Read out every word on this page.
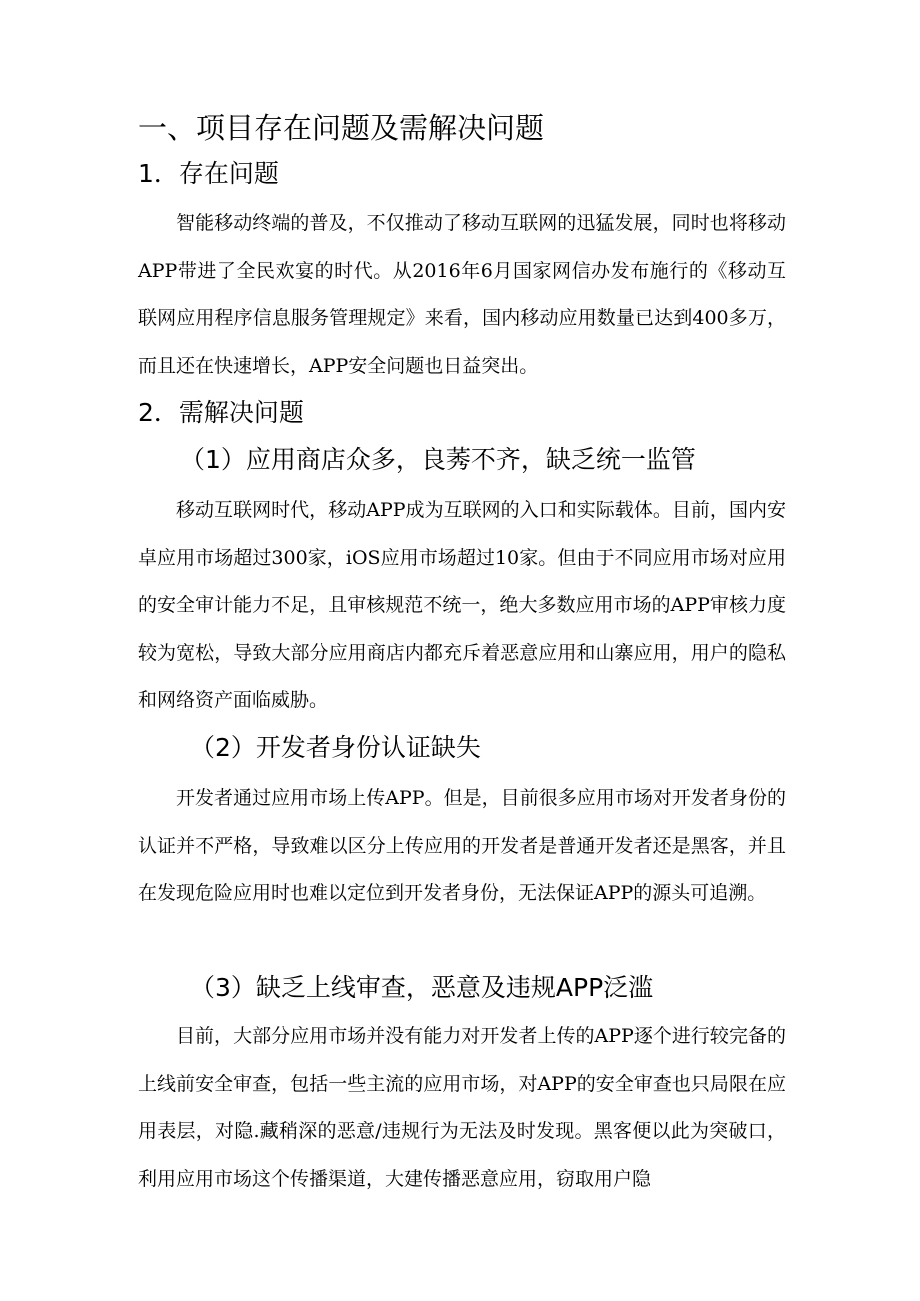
一、项目存在问题及需解决问题
1．存在问题

智能移动终端的普及，不仅推动了移动互联网的迅猛发展，同时也将移动APP带进了全民欢宴的时代。从2016年6月国家网信办发布施行的《移动互联网应用程序信息服务管理规定》来看，国内移动应用数量已达到400多万，而且还在快速增长，APP安全问题也日益突出。

2．需解决问题
（1）应用商店众多，良莠不齐，缺乏统一监管

移动互联网时代，移动APP成为互联网的入口和实际载体。目前，国内安卓应用市场超过300家，iOS应用市场超过10家。但由于不同应用市场对应用的安全审计能力不足，且审核规范不统一，绝大多数应用市场的APP审核力度较为宽松，导致大部分应用商店内都充斥着恶意应用和山寨应用，用户的隐私和网络资产面临威胁。

（2）开发者身份认证缺失

开发者通过应用市场上传APP。但是，目前很多应用市场对开发者身份的认证并不严格，导致难以区分上传应用的开发者是普通开发者还是黑客，并且在发现危险应用时也难以定位到开发者身份，无法保证APP的源头可追溯。

（3）缺乏上线审查，恶意及违规APP泛滥

目前，大部分应用市场并没有能力对开发者上传的APP逐个进行较完备的上线前安全审查，包括一些主流的应用市场，对APP的安全审查也只局限在应用表层，对隐.藏稍深的恶意/违规行为无法及时发现。黑客便以此为突破口，利用应用市场这个传播渠道，大建传播恶意应用，窃取用户隐
